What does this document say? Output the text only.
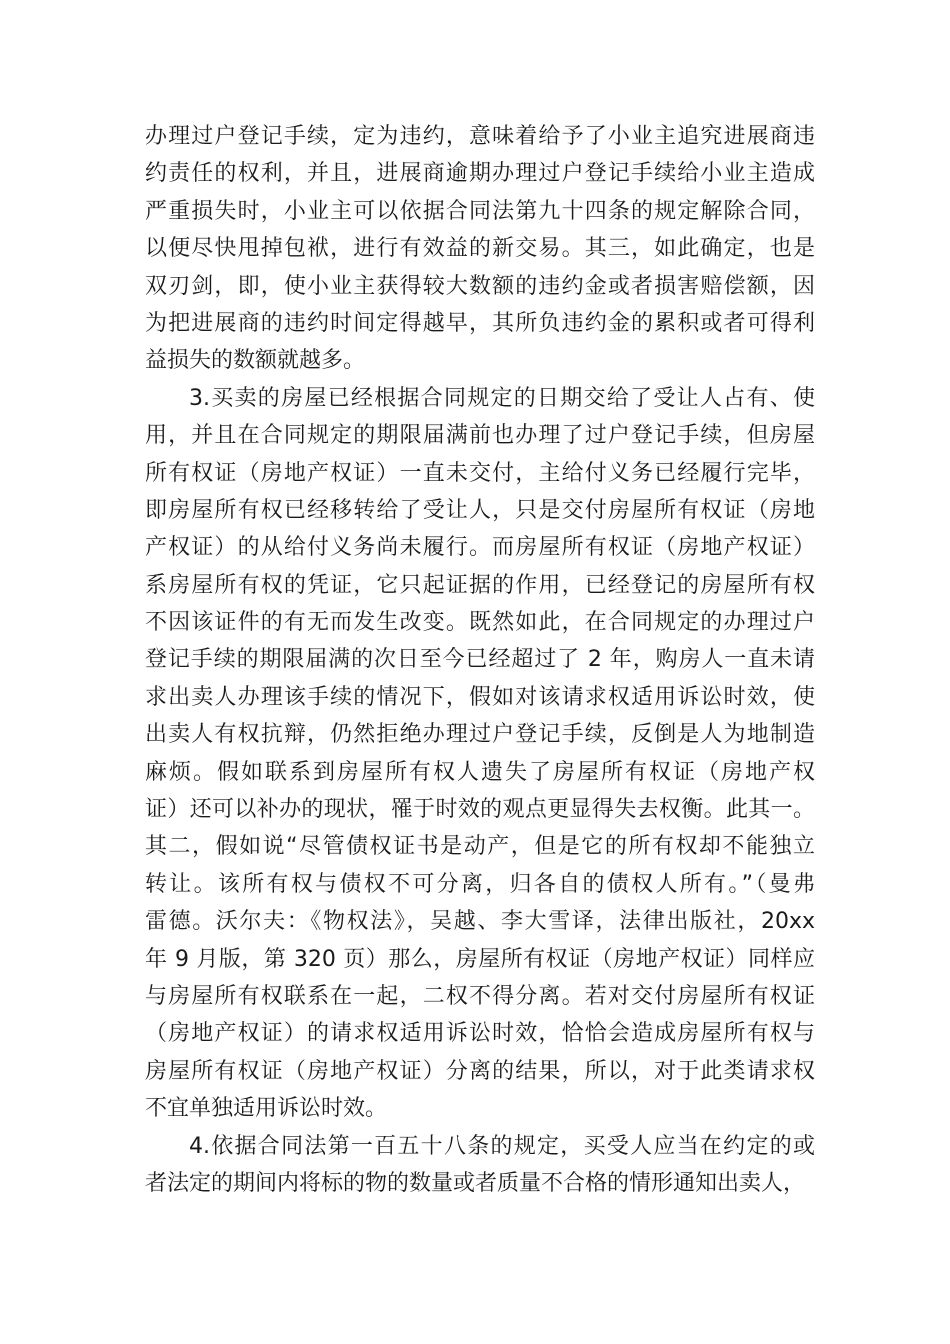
办理过户登记手续，定为违约，意味着给予了小业主追究进展商违
约责任的权利，并且，进展商逾期办理过户登记手续给小业主造成
严重损失时，小业主可以依据合同法第九十四条的规定解除合同，
以便尽快甩掉包袱，进行有效益的新交易。其三，如此确定，也是
双刃剑，即，使小业主获得较大数额的违约金或者损害赔偿额，因
为把进展商的违约时间定得越早，其所负违约金的累积或者可得利
益损失的数额就越多。
3.买卖的房屋已经根据合同规定的日期交给了受让人占有、使
用，并且在合同规定的期限届满前也办理了过户登记手续，但房屋
所有权证（房地产权证）一直未交付，主给付义务已经履行完毕，
即房屋所有权已经移转给了受让人，只是交付房屋所有权证（房地
产权证）的从给付义务尚未履行。而房屋所有权证（房地产权证）
系房屋所有权的凭证，它只起证据的作用，已经登记的房屋所有权
不因该证件的有无而发生改变。既然如此，在合同规定的办理过户
登记手续的期限届满的次日至今已经超过了 2 年，购房人一直未请
求出卖人办理该手续的情况下，假如对该请求权适用诉讼时效，使
出卖人有权抗辩，仍然拒绝办理过户登记手续，反倒是人为地制造
麻烦。假如联系到房屋所有权人遗失了房屋所有权证（房地产权
证）还可以补办的现状，罹于时效的观点更显得失去权衡。此其一。
其二，假如说“尽管债权证书是动产，但是它的所有权却不能独立
转让。该所有权与债权不可分离，归各自的债权人所有。”（曼弗
雷德。沃尔夫：《物权法》，吴越、李大雪译，法律出版社，20xx
年 9 月版，第 320 页）那么，房屋所有权证（房地产权证）同样应
与房屋所有权联系在一起，二权不得分离。若对交付房屋所有权证
（房地产权证）的请求权适用诉讼时效，恰恰会造成房屋所有权与
房屋所有权证（房地产权证）分离的结果，所以，对于此类请求权
不宜单独适用诉讼时效。
4.依据合同法第一百五十八条的规定，买受人应当在约定的或
者法定的期间内将标的物的数量或者质量不合格的情形通知出卖人，
